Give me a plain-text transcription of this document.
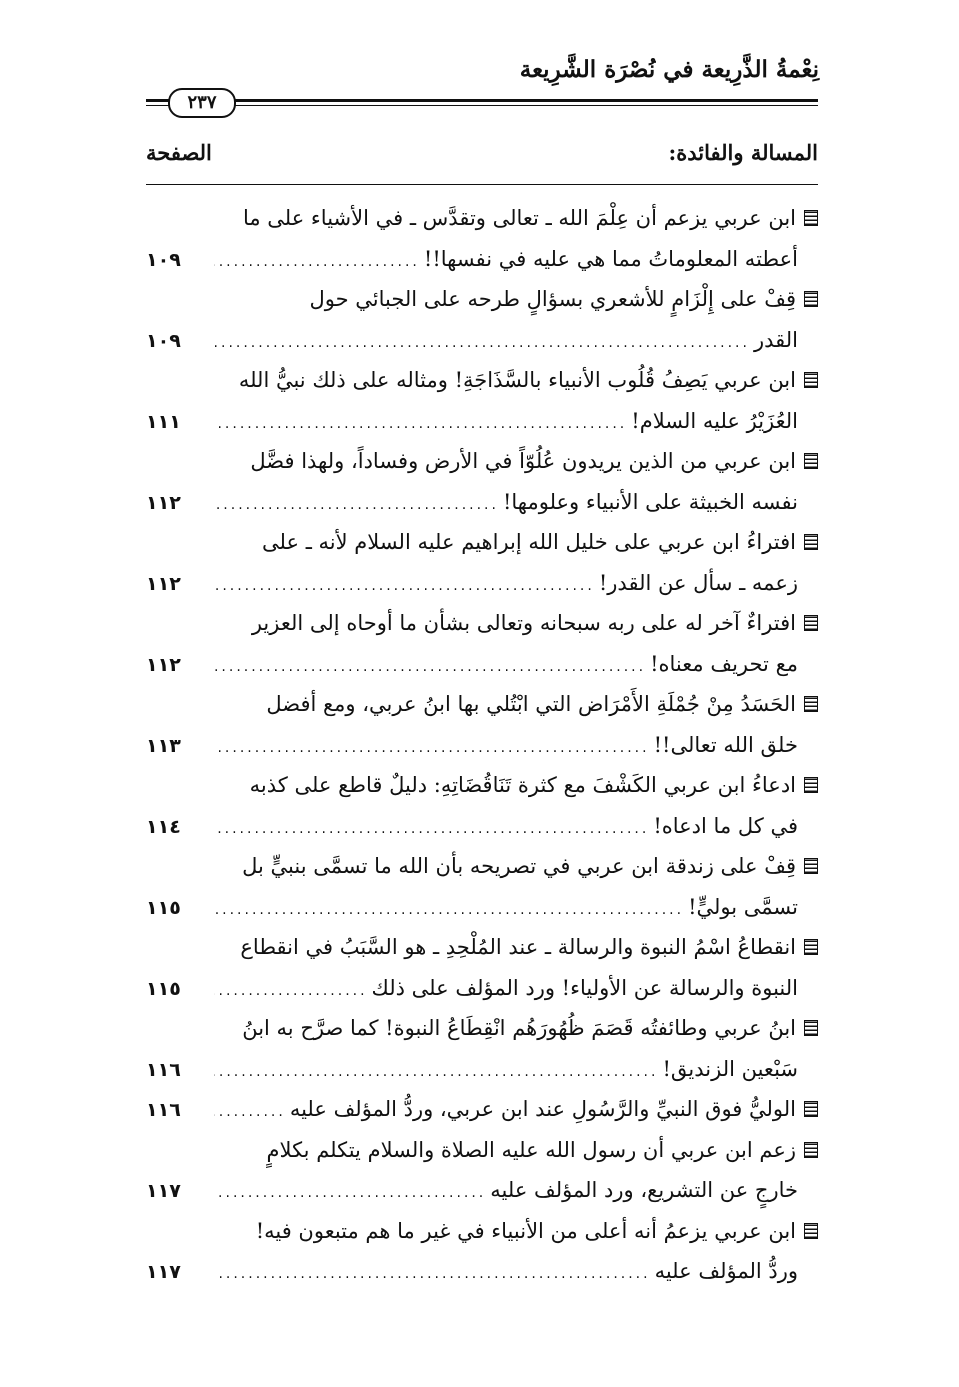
نِعْمةُ الذَّرِيعة في نُصْرَة الشَّرِيعة
٢٣٧
المسالة والفائدة:
الصفحة
ابن عربي يزعم أن عِلْمَ الله ـ تعالى وتقدَّس ـ في الأشياء على ما
أعطته المعلوماتُ مما هي عليه في نفسها!!
.....
١٠٩
قِفْ على إِلْزَامٍ للأشعري بسؤالٍ طرحه على الجبائي حول
القدر
.....
١٠٩
ابن عربي يَصِفُ قُلُوب الأنبياء بالسَّذَاجَةِ! ومثاله على ذلك نبيُّ الله
العُزَيْرُ عليه السلام!
.....
١١١
ابن عربي من الذين يريدون عُلُوّاً في الأرض وفساداً، ولهذا فضَّل
نفسه الخبيثة على الأنبياء وعلومها!
.....
١١٢
افتراءُ ابن عربي على خليل الله إبراهيم عليه السلام لأنه ـ على
زعمه ـ سأل عن القدر!
.....
١١٢
افتراءٌ آخر له على ربه سبحانه وتعالى بشأن ما أوحاه إلى العزير
مع تحريف معناه!
.....
١١٢
الحَسَدُ مِنْ جُمْلَةِ الأَمْرَاض التي ابْتُلي بها ابنُ عربي، ومع أفضل
خلق الله تعالى!!
.....
١١٣
ادعاءُ ابن عربي الكَشْفَ مع كثرة تَنَاقُضَاتِهِ: دليلٌ قاطع على كذبه
في كل ما ادعاه!
.....
١١٤
قِفْ على زندقة ابن عربي في تصريحه بأن الله ما تسمَّى بنبيٍّ بل
تسمَّى بوليٍّ!
.....
١١٥
انقطاعُ اسْمُ النبوة والرسالة ـ عند المُلْحِدِ ـ هو السَّبَبُ في انقطاع
النبوة والرسالة عن الأولياء! ورد المؤلف على ذلك
.....
١١٥
ابنُ عربي وطائفتُه قَصَمَ ظُهُورَهُم انْقِطَاعُ النبوة! كما صرَّح به ابنُ
سَبْعين الزنديق!
.....
١١٦
الوليُّ فوق النبيِّ والرَّسُولِ عند ابن عربي، وردُّ المؤلف عليه
.....
١١٦
زعم ابن عربي أن رسول الله عليه الصلاة والسلام يتكلم بكلامٍ
خارجٍ عن التشريع، ورد المؤلف عليه
.....
١١٧
ابن عربي يزعمُ أنه أعلى من الأنبياء في غير ما هم متبعون فيه!
وردُّ المؤلف عليه
.....
١١٧
